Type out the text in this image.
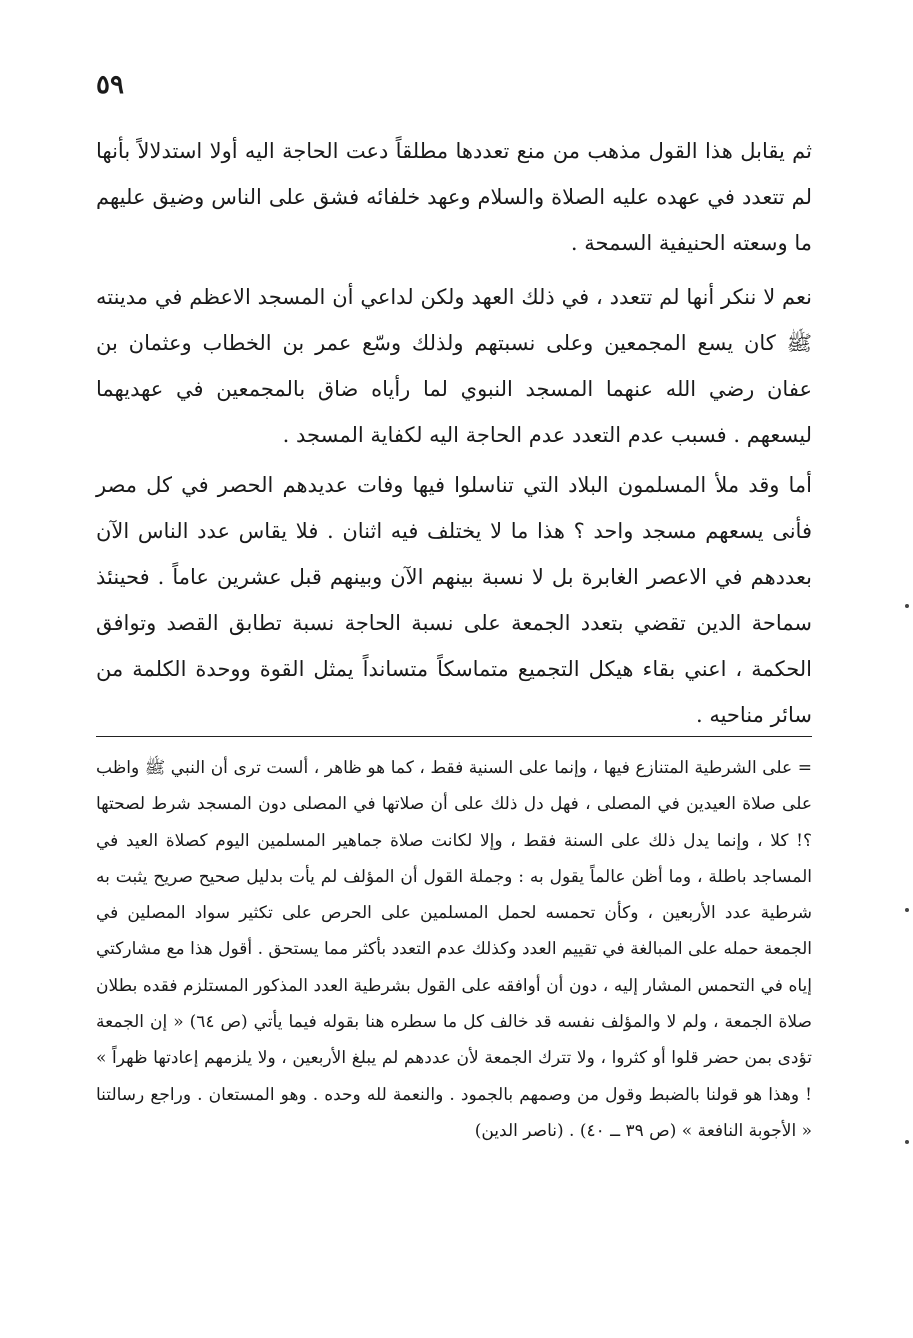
٥٩

ثم يقابل هذا القول مذهب من منع تعددها مطلقاً دعت الحاجة اليه أولا استدلالاً بأنها لم تتعدد في عهده عليه الصلاة والسلام وعهد خلفائه فشق على الناس وضيق عليهم ما وسعته الحنيفية السمحة .

نعم لا ننكر أنها لم تتعدد ، في ذلك العهد ولكن لداعي أن المسجد الاعظم في مدينته ﷺ كان يسع المجمعين وعلى نسبتهم ولذلك وسّع عمر بن الخطاب وعثمان بن عفان رضي الله عنهما المسجد النبوي لما رأياه ضاق بالمجمعين في عهديهما ليسعهم . فسبب عدم التعدد عدم الحاجة اليه لكفاية المسجد .

أما وقد ملأ المسلمون البلاد التي تناسلوا فيها وفات عديدهم الحصر في كل مصر فأنى يسعهم مسجد واحد ؟ هذا ما لا يختلف فيه اثنان . فلا يقاس عدد الناس الآن بعددهم في الاعصر الغابرة بل لا نسبة بينهم الآن وبينهم قبل عشرين عاماً . فحينئذ سماحة الدين تقضي بتعدد الجمعة على نسبة الحاجة نسبة تطابق القصد وتوافق الحكمة ، اعني بقاء هيكل التجميع متماسكاً متسانداً يمثل القوة ووحدة الكلمة من سائر مناحيه .

= على الشرطية المتنازع فيها ، وإنما على السنية فقط ، كما هو ظاهر ، ألست ترى أن النبي ﷺ واظب على صلاة العيدين في المصلى ، فهل دل ذلك على أن صلاتها في المصلى دون المسجد شرط لصحتها ؟! كلا ، وإنما يدل ذلك على السنة فقط ، وإلا لكانت صلاة جماهير المسلمين اليوم كصلاة العيد في المساجد باطلة ، وما أظن عالماً يقول به : وجملة القول أن المؤلف لم يأت بدليل صحيح صريح يثبت به شرطية عدد الأربعين ، وكأن تحمسه لحمل المسلمين على الحرص على تكثير سواد المصلين في الجمعة حمله على المبالغة في تقييم العدد وكذلك عدم التعدد بأكثر مما يستحق . أقول هذا مع مشاركتي إياه في التحمس المشار إليه ، دون أن أوافقه على القول بشرطية العدد المذكور المستلزم فقده بطلان صلاة الجمعة ، ولم لا والمؤلف نفسه قد خالف كل ما سطره هنا بقوله فيما يأتي (ص ٦٤) « إن الجمعة تؤدى بمن حضر قلوا أو كثروا ، ولا تترك الجمعة لأن عددهم لم يبلغ الأربعين ، ولا يلزمهم إعادتها ظهراً » ! وهذا هو قولنا بالضبط وقول من وصمهم بالجمود . والنعمة لله وحده . وهو المستعان . وراجع رسالتنا « الأجوبة النافعة » (ص ٣٩ ــ ٤٠) . (ناصر الدين)
